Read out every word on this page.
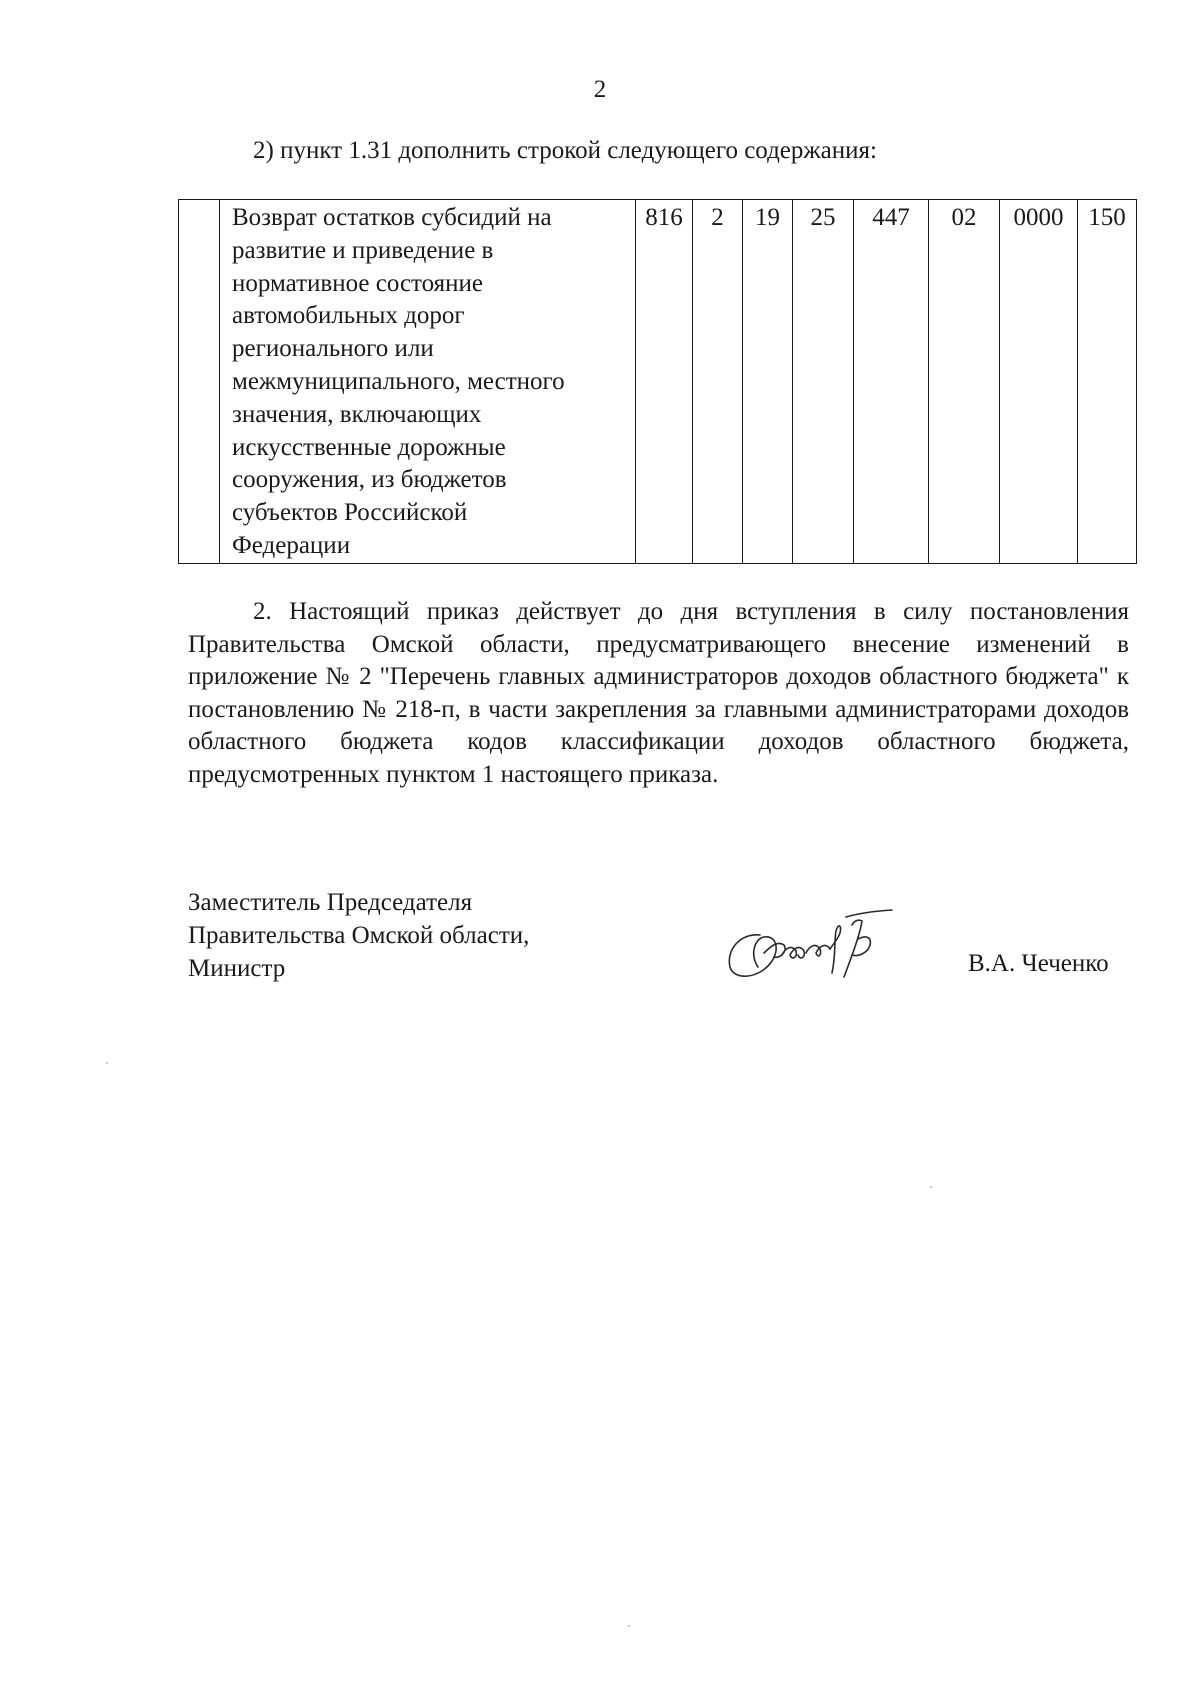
2
2) пункт 1.31 дополнить строкой следующего содержания:

Возврат остатков субсидий на
развитие и приведение в
нормативное состояние
автомобильных дорог
регионального или
межмуниципального, местного
значения, включающих
искусственные дорожные
сооружения, из бюджетов
субъектов Российской
Федерации
	816	2	19	25	447	02	0000	150

2. Настоящий приказ действует до дня вступления в силу постановления Правительства Омской области, предусматривающего внесение изменений в приложение № 2 "Перечень главных администраторов доходов областного бюджета" к постановлению № 218-п, в части закрепления за главными администраторами доходов областного бюджета кодов классификации доходов областного бюджета, предусмотренных пунктом 1 настоящего приказа.

Заместитель Председателя
Правительства Омской области,
Министр	В.А. Чеченко
